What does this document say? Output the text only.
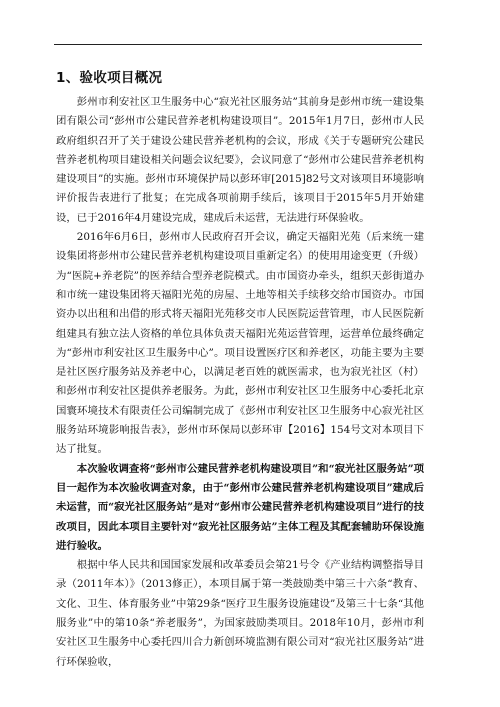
1、验收项目概况

彭州市利安社区卫生服务中心“寂光社区服务站”其前身是彭州市统一建设集团有限公司“彭州市公建民营养老机构建设项目”。2015年1月7日，彭州市人民政府组织召开了关于建设公建民营养老机构的会议，形成《关于专题研究公建民营养老机构项目建设相关问题会议纪要》，会议同意了“彭州市公建民营养老机构建设项目”的实施。彭州市环境保护局以彭环审[2015]82号文对该项目环境影响评价报告表进行了批复；在完成各项前期手续后，该项目于2015年5月开始建设，已于2016年4月建设完成，建成后未运营，无法进行环保验收。

2016年6月6日，彭州市人民政府召开会议，确定天福阳光苑（后来统一建设集团将彭州市公建民营养老机构建设项目重新定名）的使用用途变更（升级）为“医院+养老院”的医养结合型养老院模式。由市国资办牵头，组织天彭街道办和市统一建设集团将天福阳光苑的房屋、土地等相关手续移交给市国资办。市国资办以出租和出借的形式将天福阳光苑移交市人民医院运营管理，市人民医院新组建具有独立法人资格的单位具体负责天福阳光苑运营管理，运营单位最终确定为“彭州市利安社区卫生服务中心”。项目设置医疗区和养老区，功能主要为主要是社区医疗服务站及养老中心，以满足老百姓的就医需求，也为寂光社区（村）和彭州市利安社区提供养老服务。为此，彭州市利安社区卫生服务中心委托北京国寰环境技术有限责任公司编制完成了《彭州市利安社区卫生服务中心寂光社区服务站环境影响报告表》，彭州市环保局以彭环审【2016】154号文对本项目下达了批复。

本次验收调查将“彭州市公建民营养老机构建设项目”和“寂光社区服务站”项目一起作为本次验收调查对象，由于“彭州市公建民营养老机构建设项目”建成后未运营，而“寂光社区服务站”是对“彭州市公建民营养老机构建设项目”进行的技改项目，因此本项目主要针对“寂光社区服务站”主体工程及其配套辅助环保设施进行验收。

根据中华人民共和国国家发展和改革委员会第21号令《产业结构调整指导目录（2011年本）》（2013修正），本项目属于第一类鼓励类中第三十六条“教育、文化、卫生、体育服务业”中第29条“医疗卫生服务设施建设”及第三十七条“其他服务业”中的第10条“养老服务”，为国家鼓励类项目。2018年10月，彭州市利安社区卫生服务中心委托四川合力新创环境监测有限公司对“寂光社区服务站”进行环保验收，
